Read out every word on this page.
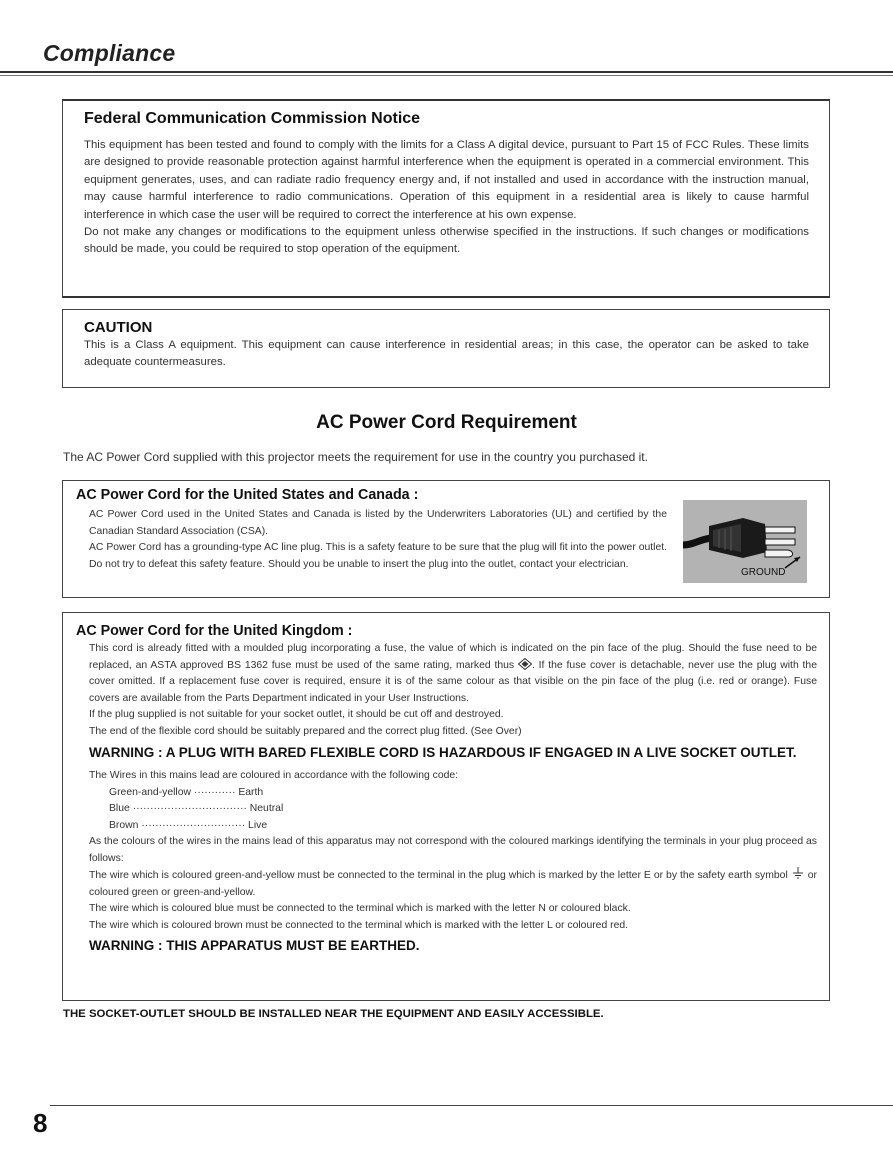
Compliance
Federal Communication Commission Notice

This equipment has been tested and found to comply with the limits for a Class A digital device, pursuant to Part 15 of FCC Rules. These limits are designed to provide reasonable protection against harmful interference when the equipment is operated in a commercial environment. This equipment generates, uses, and can radiate radio frequency energy and, if not installed and used in accordance with the instruction manual, may cause harmful interference to radio communications. Operation of this equipment in a residential area is likely to cause harmful interference in which case the user will be required to correct the interference at his own expense.

Do not make any changes or modifications to the equipment unless otherwise specified in the instructions. If such changes or modifications should be made, you could be required to stop operation of the equipment.

CAUTION

This is a Class A equipment. This equipment can cause interference in residential areas; in this case, the operator can be asked to take adequate countermeasures.

AC Power Cord Requirement
The AC Power Cord supplied with this projector meets the requirement for use in the country you purchased it.
AC Power Cord for the United States and Canada :

AC Power Cord used in the United States and Canada is listed by the Underwriters Laboratories (UL) and certified by the Canadian Standard Association (CSA).

AC Power Cord has a grounding-type AC line plug. This is a safety feature to be sure that the plug will fit into the power outlet. Do not try to defeat this safety feature. Should you be unable to insert the plug into the outlet, contact your electrician.

GROUND
AC Power Cord for the United Kingdom :

This cord is already fitted with a moulded plug incorporating a fuse, the value of which is indicated on the pin face of the plug. Should the fuse need to be replaced, an ASTA approved BS 1362 fuse must be used of the same rating, marked thus . If the fuse cover is detachable, never use the plug with the cover omitted. If a replacement fuse cover is required, ensure it is of the same colour as that visible on the pin face of the plug (i.e. red or orange). Fuse covers are available from the Parts Department indicated in your User Instructions.

If the plug supplied is not suitable for your socket outlet, it should be cut off and destroyed.

The end of the flexible cord should be suitably prepared and the correct plug fitted. (See Over)

WARNING : A PLUG WITH BARED FLEXIBLE CORD IS HAZARDOUS IF ENGAGED IN A LIVE SOCKET OUTLET.

The Wires in this mains lead are coloured in accordance with the following code:

Green-and-yellow ············ Earth

Blue ································· Neutral

Brown ······························ Live

As the colours of the wires in the mains lead of this apparatus may not correspond with the coloured markings identifying the terminals in your plug proceed as follows:

The wire which is coloured green-and-yellow must be connected to the terminal in the plug which is marked by the letter E or by the safety earth symbol or coloured green or green-and-yellow.

The wire which is coloured blue must be connected to the terminal which is marked with the letter N or coloured black.

The wire which is coloured brown must be connected to the terminal which is marked with the letter L or coloured red.

WARNING : THIS APPARATUS MUST BE EARTHED.
THE SOCKET-OUTLET SHOULD BE INSTALLED NEAR THE EQUIPMENT AND EASILY ACCESSIBLE.
8
